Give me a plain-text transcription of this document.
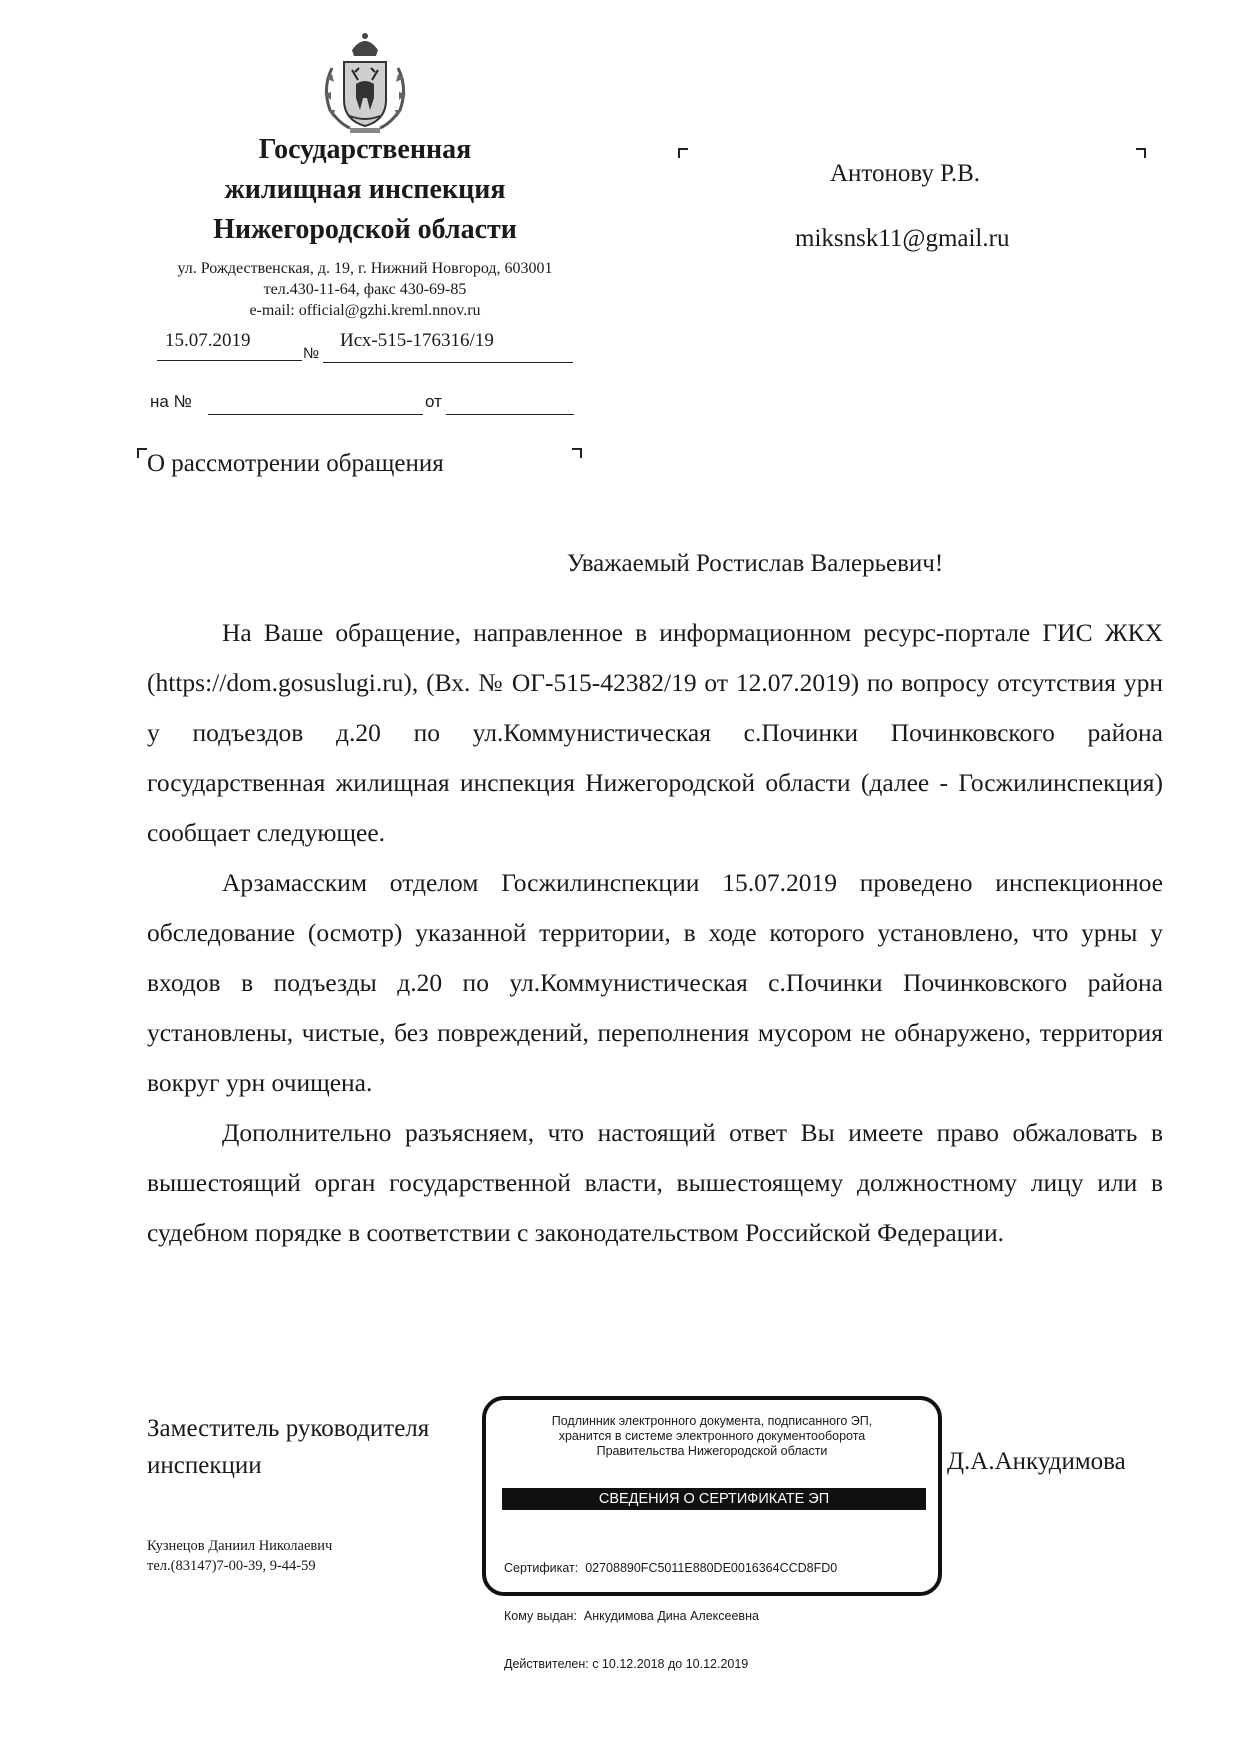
Государственная
жилищная инспекция
Нижегородской области
ул. Рождественская, д. 19, г. Нижний Новгород, 603001
тел.430-11-64, факс 430-69-85
e-mail: official@gzhi.kreml.nnov.ru
15.07.2019
№
Исх-515-176316/19
на №	от
О рассмотрении обращения
Антонову Р.В.
miksnsk11@gmail.ru
Уважаемый Ростислав Валерьевич!

На Ваше обращение, направленное в информационном ресурс-портале ГИС ЖКХ (https://dom.gosuslugi.ru), (Вх. № ОГ-515-42382/19 от 12.07.2019) по вопросу отсутствия урн у подъездов д.20 по ул.Коммунистическая с.Починки Починковского района государственная жилищная инспекция Нижегородской области (далее - Госжилинспекция) сообщает следующее.

Арзамасским отделом Госжилинспекции 15.07.2019 проведено инспекционное обследование (осмотр) указанной территории, в ходе которого установлено, что урны у входов в подъезды д.20 по ул.Коммунистическая с.Починки Починковского района установлены, чистые, без повреждений, переполнения мусором не обнаружено, территория вокруг урн очищена.

Дополнительно разъясняем, что настоящий ответ Вы имеете право обжаловать в вышестоящий орган государственной власти, вышестоящему должностному лицу или в судебном порядке в соответствии с законодательством Российской Федерации.

Заместитель руководителя
инспекции	Д.А.Анкудимова
Подлинник электронного документа, подписанного ЭП,
хранится в системе электронного документооборота
Правительства Нижегородской области
СВЕДЕНИЯ О СЕРТИФИКАТЕ ЭП

Сертификат:  02708890FC5011E880DE0016364CCD8FD0

Кому выдан:  Анкудимова Дина Алексеевна

Действителен: с 10.12.2018 до 10.12.2019

Кузнецов Даниил Николаевич
тел.(83147)7-00-39, 9-44-59
